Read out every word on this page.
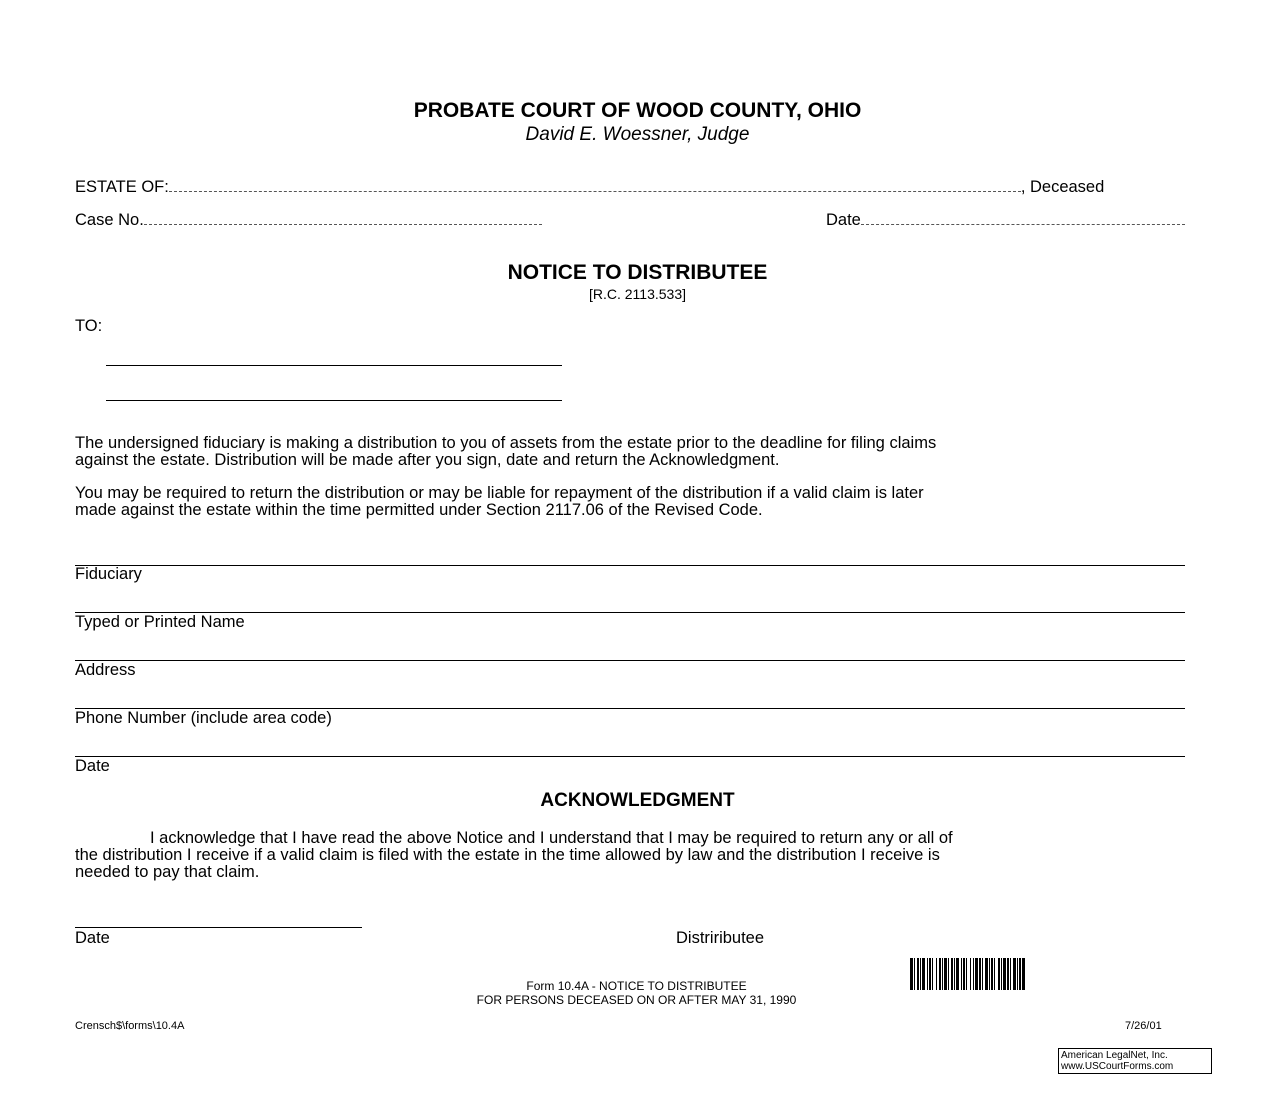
PROBATE COURT OF WOOD COUNTY, OHIO
David E. Woessner, Judge
ESTATE OF:	, Deceased
Case No.	Date
NOTICE TO DISTRIBUTEE
[R.C. 2113.533]
TO:
The undersigned fiduciary is making a distribution to you of assets from the estate prior to the deadline for filing claims
against the estate. Distribution will be made after you sign, date and return the Acknowledgment.
You may be required to return the distribution or may be liable for repayment of the distribution if a valid claim is later
made against the estate within the time permitted under Section 2117.06 of the Revised Code.
Fiduciary
Typed or Printed Name
Address
Phone Number (include area code)
Date
ACKNOWLEDGMENT
I acknowledge that I have read the above Notice and I understand that I may be required to return any or all of
the distribution I receive if a valid claim is filed with the estate in the time allowed by law and the distribution I receive is
needed to pay that claim.
Date	Distriributee
Form 10.4A - NOTICE TO DISTRIBUTEE
FOR PERSONS DECEASED ON OR AFTER MAY 31, 1990
Crensch$\forms\10.4A	7/26/01
American LegalNet, Inc.
www.USCourtForms.com
